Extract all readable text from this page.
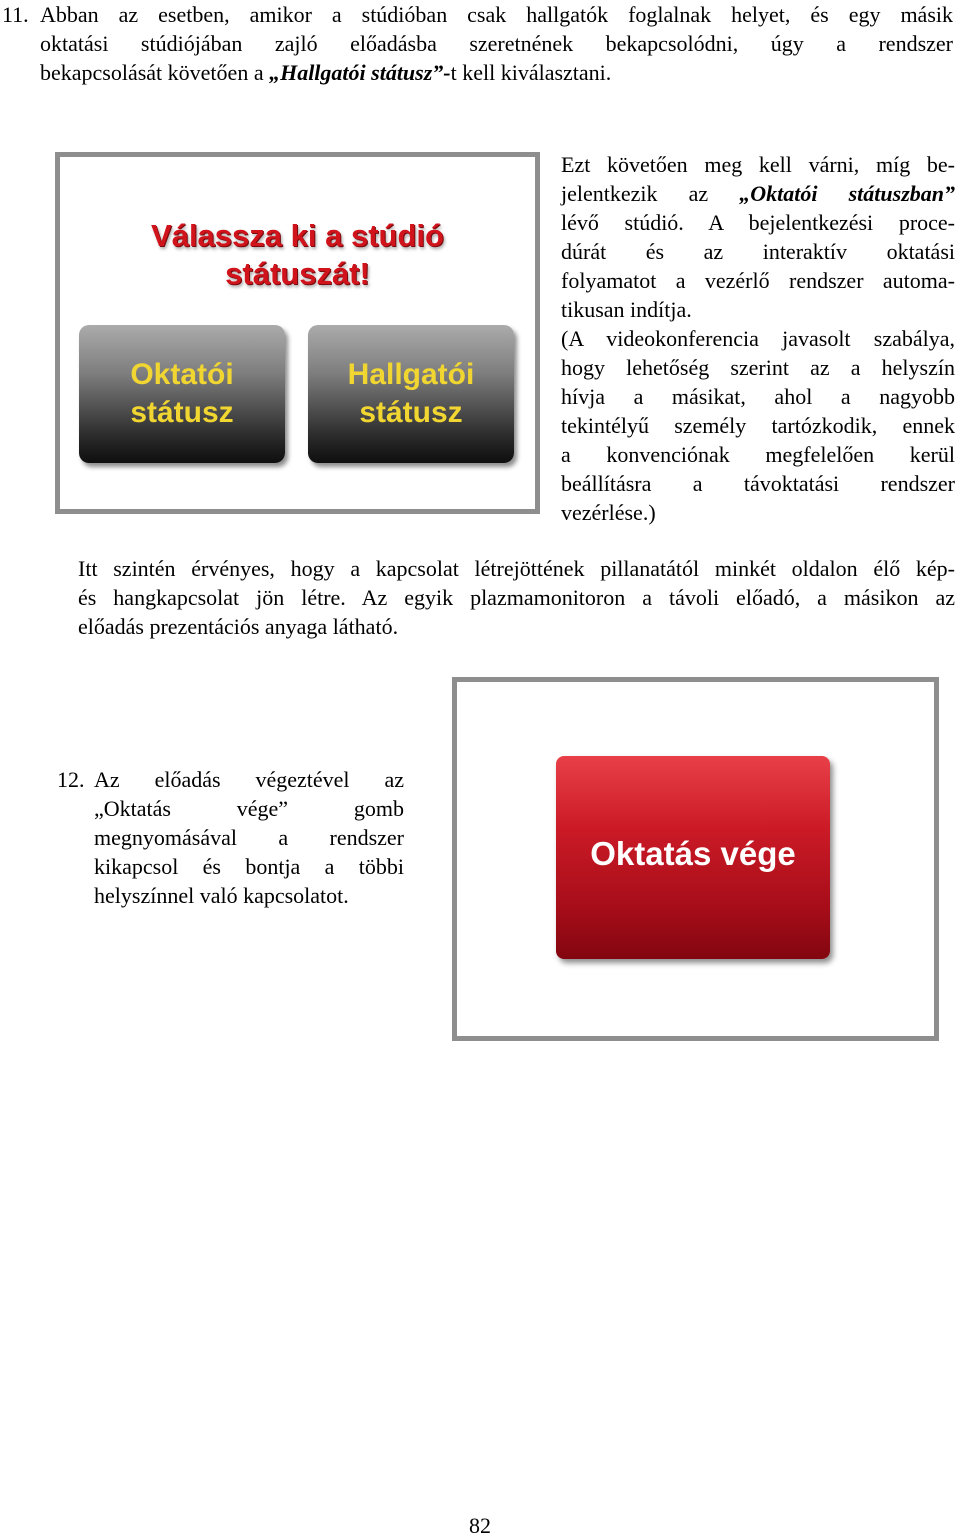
11. Abban az esetben, amikor a stúdióban csak hallgatók foglalnak helyet, és egy másik
oktatási stúdiójában zajló előadásba szeretnének bekapcsolódni, úgy a rendszer
bekapcsolását követően a „Hallgatói státusz”-t kell kiválasztani.
Válassza ki a stúdió
státuszát!
Oktatói
státusz
Hallgatói
státusz
Ezt követően meg kell várni, míg be-
jelentkezik az „Oktatói státuszban”
lévő stúdió. A bejelentkezési proce-
dúrát és az interaktív oktatási
folyamatot a vezérlő rendszer automa-
tikusan indítja.
(A videokonferencia javasolt szabálya,
hogy lehetőség szerint az a helyszín
hívja a másikat, ahol a nagyobb
tekintélyű személy tartózkodik, ennek
a konvenciónak megfelelően kerül
beállításra a távoktatási rendszer
vezérlése.)
Itt szintén érvényes, hogy a kapcsolat létrejöttének pillanatától minkét oldalon élő kép-
és hangkapcsolat jön létre. Az egyik plazmamonitoron a távoli előadó, a másikon az
előadás prezentációs anyaga látható.
Oktatás vége
12. Az előadás végeztével az
„Oktatás vége” gomb
megnyomásával a rendszer
kikapcsol és bontja a többi
helyszínnel való kapcsolatot.
82
